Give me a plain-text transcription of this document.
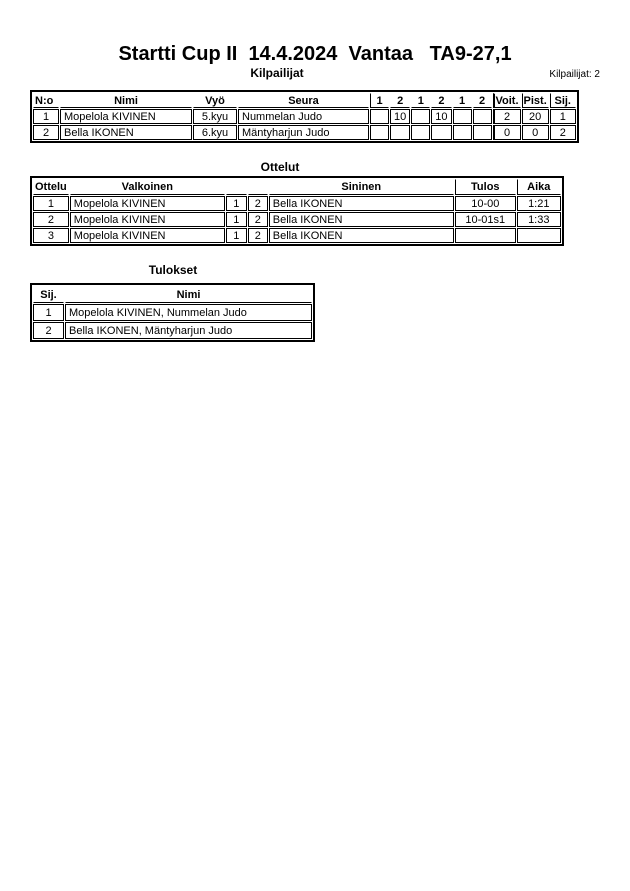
Startti Cup II  14.4.2024  Vantaa   TA9-27,1
Kilpailijat	Kilpailijat: 2
N:o	Nimi	Vyö	Seura	1	2	1	2	1	2	Voit.	Pist.	Sij.
1	Mopelola KIVINEN	5.kyu	Nummelan Judo		10		10			2	20	1
2	Bella IKONEN	6.kyu	Mäntyharjun Judo							0	0	2
Ottelut
Ottelu	Valkoinen			Sininen	Tulos	Aika
1	Mopelola KIVINEN	1	2	Bella IKONEN	10-00	1:21
2	Mopelola KIVINEN	1	2	Bella IKONEN	10-01s1	1:33
3	Mopelola KIVINEN	1	2	Bella IKONEN		
Tulokset
Sij.	Nimi
1	Mopelola KIVINEN, Nummelan Judo
2	Bella IKONEN, Mäntyharjun Judo
